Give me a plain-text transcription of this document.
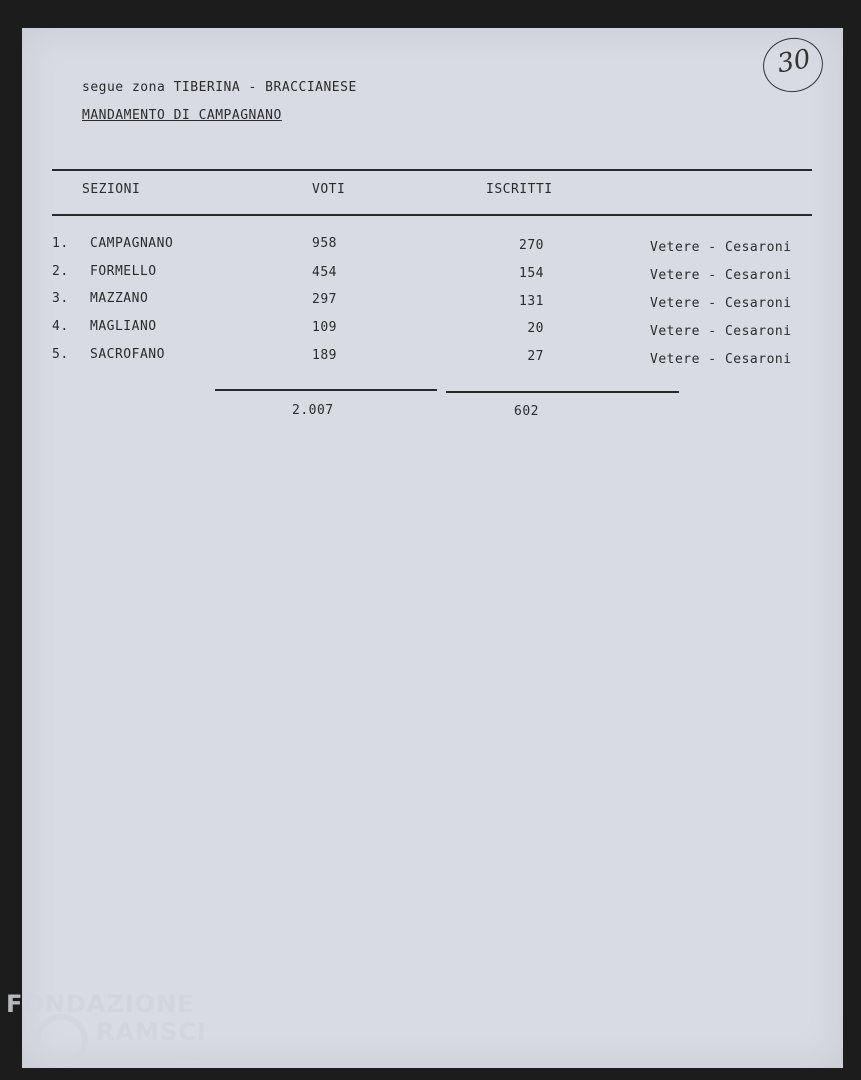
segue zona TIBERINA - BRACCIANESE
MANDAMENTO DI CAMPAGNANO
30
SEZIONI	VOTI	ISCRITTI
1. CAMPAGNANO	958	270	Vetere - Cesaroni
2. FORMELLO	454	154	Vetere - Cesaroni
3. MAZZANO	297	131	Vetere - Cesaroni
4. MAGLIANO	109	20	Vetere - Cesaroni
5. SACROFANO	189	27	Vetere - Cesaroni
2.007	602
FONDAZIONE
RAMSCI
onlus
